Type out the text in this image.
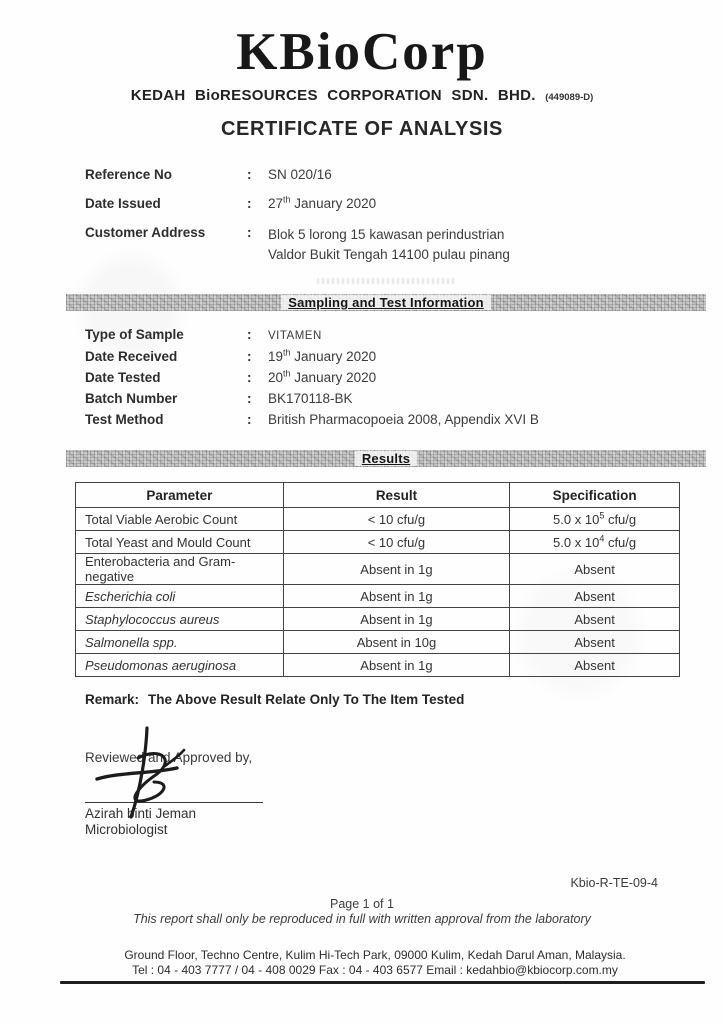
KBioCorp
KEDAH BioRESOURCES CORPORATION SDN. BHD. (449089-D)
CERTIFICATE OF ANALYSIS
Reference No	:	SN 020/16
Date Issued	:	27th January 2020
Customer Address	:	Blok 5 lorong 15 kawasan perindustrian
Valdor Bukit Tengah 14100 pulau pinang
Sampling and Test Information
Type of Sample	:	VITAMEN
Date Received	:	19th January 2020
Date Tested	:	20th January 2020
Batch Number	:	BK170118-BK
Test Method	:	British Pharmacopoeia 2008, Appendix XVI B
Results
Parameter	Result	Specification
Total Viable Aerobic Count	< 10 cfu/g	5.0 x $10^5$ cfu/g
Total Yeast and Mould Count	< 10 cfu/g	5.0 x $10^4$ cfu/g
Enterobacteria and Gram-negative	Absent in 1g	Absent
Escherichia coli	Absent in 1g	Absent
Staphylococcus aureus	Absent in 1g	Absent
Salmonella spp.	Absent in 10g	Absent
Pseudomonas aeruginosa	Absent in 1g	Absent
Remark: The Above Result Relate Only To The Item Tested
Reviewed and Approved by,
Azirah binti Jeman
Microbiologist
Kbio-R-TE-09-4
Page 1 of 1
This report shall only be reproduced in full with written approval from the laboratory
Ground Floor, Techno Centre, Kulim Hi-Tech Park, 09000 Kulim, Kedah Darul Aman, Malaysia.
Tel : 04 - 403 7777 / 04 - 408 0029 Fax : 04 - 403 6577 Email : kedahbio@kbiocorp.com.my
